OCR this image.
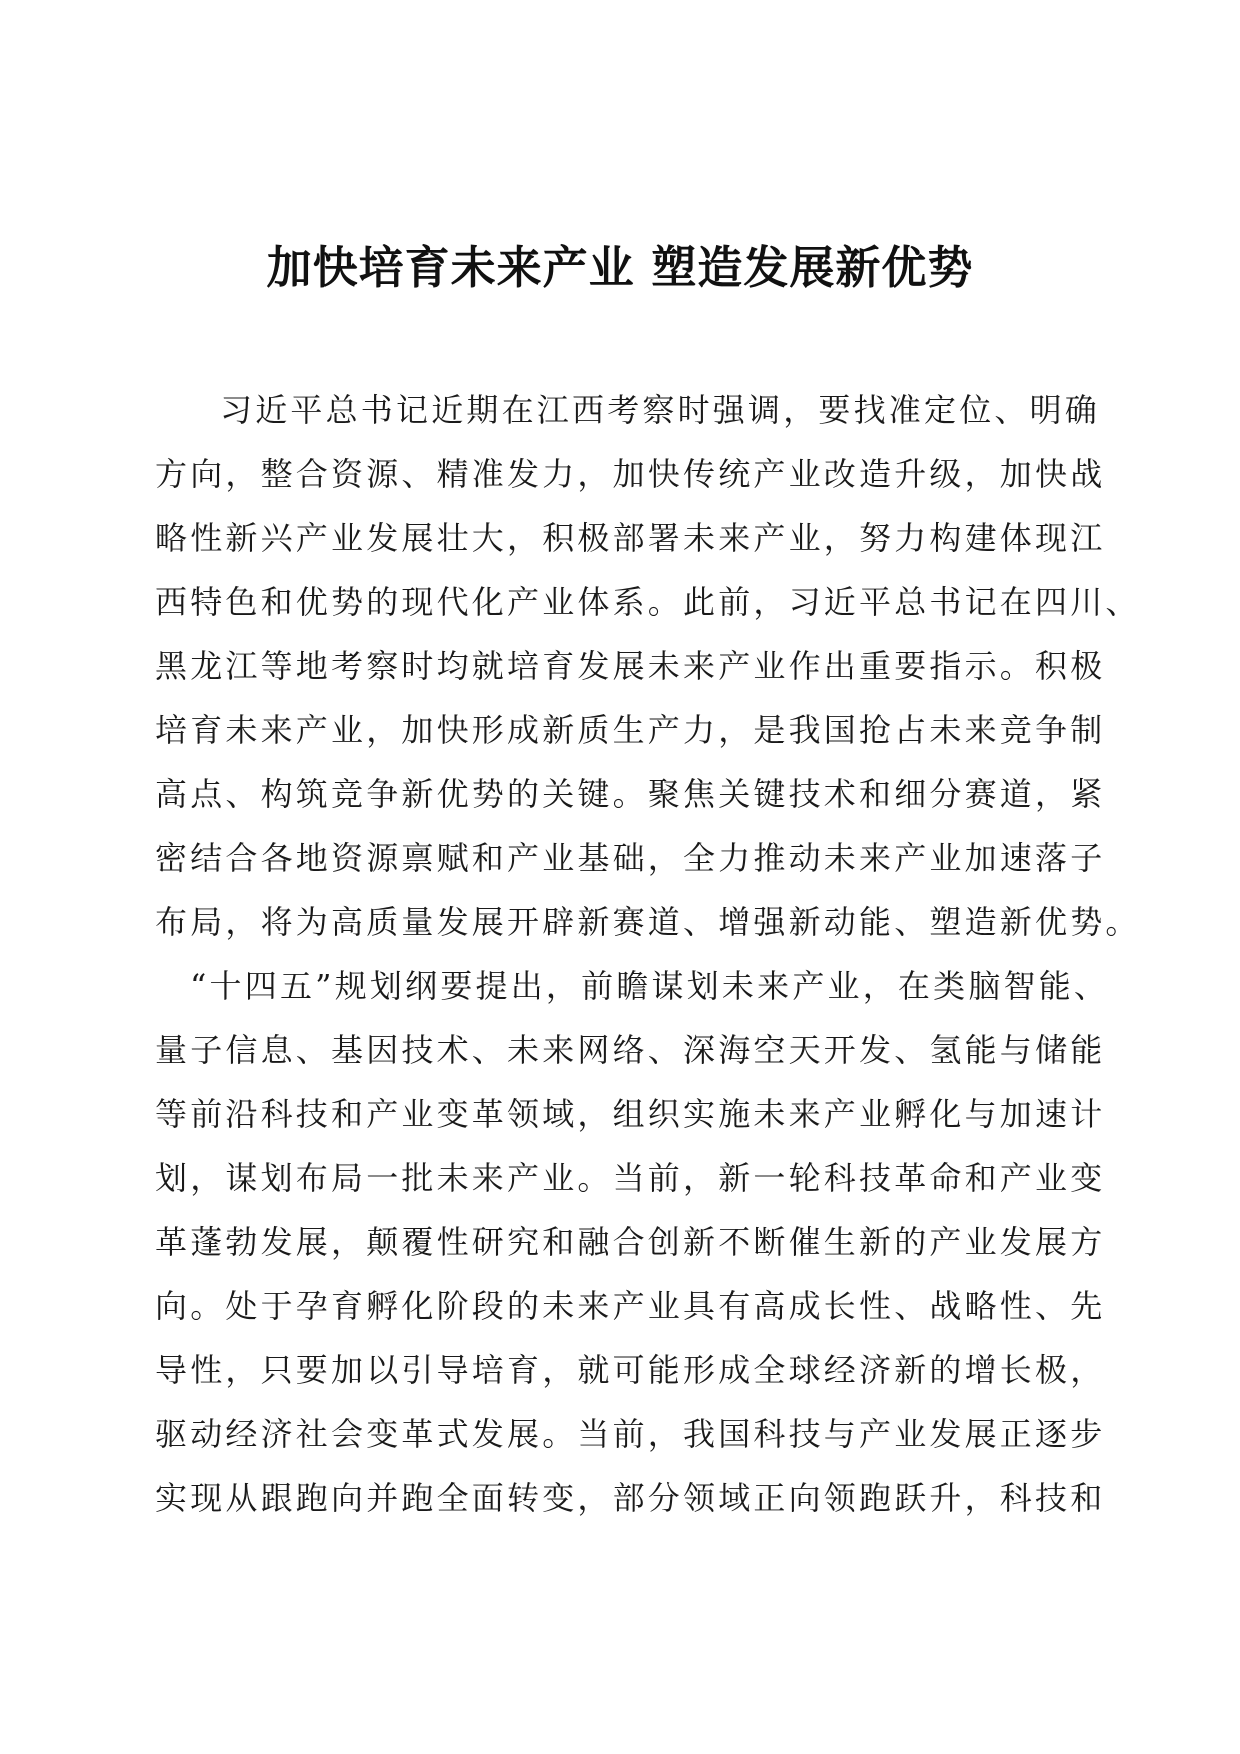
加快培育未来产业 塑造发展新优势
习近平总书记近期在江西考察时强调，要找准定位、明确
方向，整合资源、精准发力，加快传统产业改造升级，加快战
略性新兴产业发展壮大，积极部署未来产业，努力构建体现江
西特色和优势的现代化产业体系。此前，习近平总书记在四川、
黑龙江等地考察时均就培育发展未来产业作出重要指示。积极
培育未来产业，加快形成新质生产力，是我国抢占未来竞争制
高点、构筑竞争新优势的关键。聚焦关键技术和细分赛道，紧
密结合各地资源禀赋和产业基础，全力推动未来产业加速落子
布局，将为高质量发展开辟新赛道、增强新动能、塑造新优势。
“十四五”规划纲要提出，前瞻谋划未来产业，在类脑智能、
量子信息、基因技术、未来网络、深海空天开发、氢能与储能
等前沿科技和产业变革领域，组织实施未来产业孵化与加速计
划，谋划布局一批未来产业。当前，新一轮科技革命和产业变
革蓬勃发展，颠覆性研究和融合创新不断催生新的产业发展方
向。处于孕育孵化阶段的未来产业具有高成长性、战略性、先
导性，只要加以引导培育，就可能形成全球经济新的增长极，
驱动经济社会变革式发展。当前，我国科技与产业发展正逐步
实现从跟跑向并跑全面转变，部分领域正向领跑跃升，科技和
